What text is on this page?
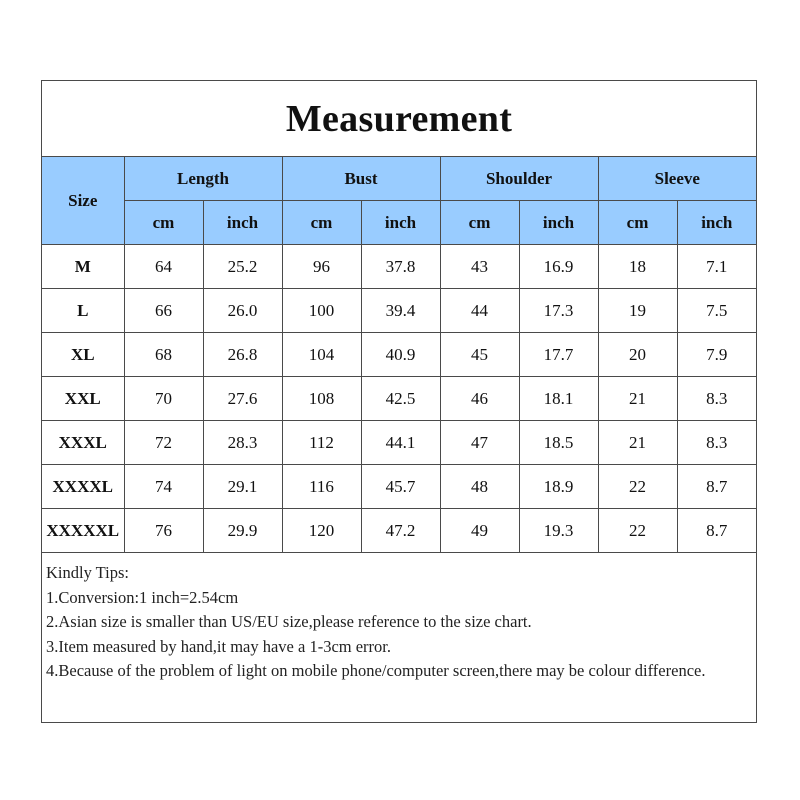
Measurement
Size	Length		Bust		Shoulder		Sleeve	
	cm	inch	cm	inch	cm	inch	cm	inch
M	64	25.2	96	37.8	43	16.9	18	7.1
L	66	26.0	100	39.4	44	17.3	19	7.5
XL	68	26.8	104	40.9	45	17.7	20	7.9
XXL	70	27.6	108	42.5	46	18.1	21	8.3
XXXL	72	28.3	112	44.1	47	18.5	21	8.3
XXXXL	74	29.1	116	45.7	48	18.9	22	8.7
XXXXXL	76	29.9	120	47.2	49	19.3	22	8.7
Kindly Tips:
1.Conversion:1 inch=2.54cm
2.Asian size is smaller than US/EU size,please reference to the size chart.
3.Item measured by hand,it may have a 1-3cm error.
4.Because of the problem of light on mobile phone/computer screen,there may be colour difference.
